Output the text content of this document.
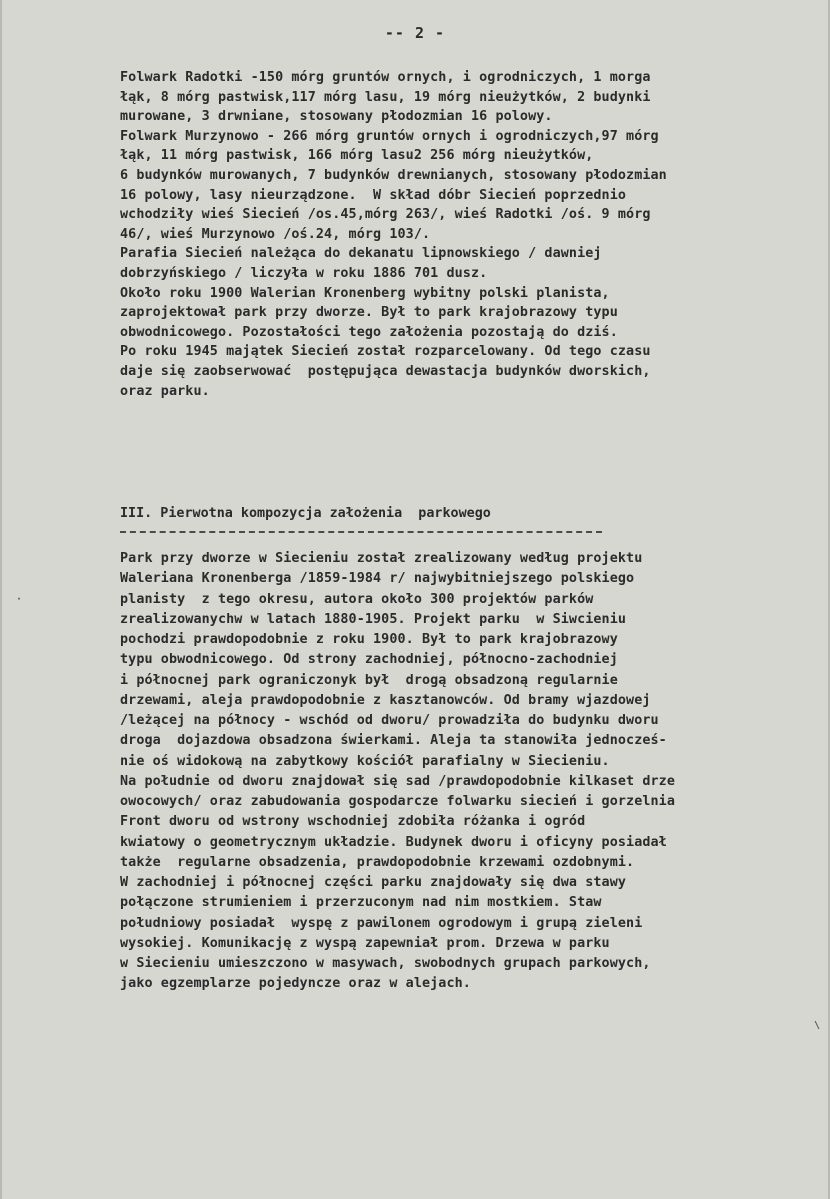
-- 2 -
Folwark Radotki -150 mórg gruntów ornych, i ogrodniczych, 1 morga
łąk, 8 mórg pastwisk,117 mórg lasu, 19 mórg nieużytków, 2 budynki
murowane, 3 drwniane, stosowany płodozmian 16 polowy.
Folwark Murzynowo - 266 mórg gruntów ornych i ogrodniczych,97 mórg
łąk, 11 mórg pastwisk, 166 mórg lasu2 256 mórg nieużytków,
6 budynków murowanych, 7 budynków drewnianych, stosowany płodozmian
16 polowy, lasy nieurządzone.  W skład dóbr Siecień poprzednio
wchodziły wieś Siecień /os.45,mórg 263/, wieś Radotki /oś. 9 mórg
46/, wieś Murzynowo /oś.24, mórg 103/.
Parafia Siecień należąca do dekanatu lipnowskiego / dawniej
dobrzyńskiego / liczyła w roku 1886 701 dusz.
Około roku 1900 Walerian Kronenberg wybitny polski planista,
zaprojektował park przy dworze. Był to park krajobrazowy typu
obwodnicowego. Pozostałości tego założenia pozostają do dziś.
Po roku 1945 majątek Siecień został rozparcelowany. Od tego czasu
daje się zaobserwować  postępująca dewastacja budynków dworskich,
oraz parku.
III. Pierwotna kompozycja założenia  parkowego
Park przy dworze w Siecieniu został zrealizowany według projektu
Waleriana Kronenberga /1859-1984 r/ najwybitniejszego polskiego
planisty  z tego okresu, autora około 300 projektów parków
zrealizowanychw w latach 1880-1905. Projekt parku  w Siwcieniu
pochodzi prawdopodobnie z roku 1900. Był to park krajobrazowy
typu obwodnicowego. Od strony zachodniej, północno-zachodniej
i północnej park ograniczonyk był  drogą obsadzoną regularnie
drzewami, aleja prawdopodobnie z kasztanowców. Od bramy wjazdowej
/leżącej na północy - wschód od dworu/ prowadziła do budynku dworu
droga  dojazdowa obsadzona świerkami. Aleja ta stanowiła jednocześ-
nie oś widokową na zabytkowy kościół parafialny w Siecieniu.
Na południe od dworu znajdował się sad /prawdopodobnie kilkaset drze
owocowych/ oraz zabudowania gospodarcze folwarku siecień i gorzelnia
Front dworu od wstrony wschodniej zdobiła różanka i ogród
kwiatowy o geometrycznym układzie. Budynek dworu i oficyny posiadał
także  regularne obsadzenia, prawdopodobnie krzewami ozdobnymi.
W zachodniej i północnej części parku znajdowały się dwa stawy
połączone strumieniem i przerzuconym nad nim mostkiem. Staw
południowy posiadał  wyspę z pawilonem ogrodowym i grupą zieleni
wysokiej. Komunikację z wyspą zapewniał prom. Drzewa w parku
w Siecieniu umieszczono w masywach, swobodnych grupach parkowych,
jako egzemplarze pojedyncze oraz w alejach.
·
\
